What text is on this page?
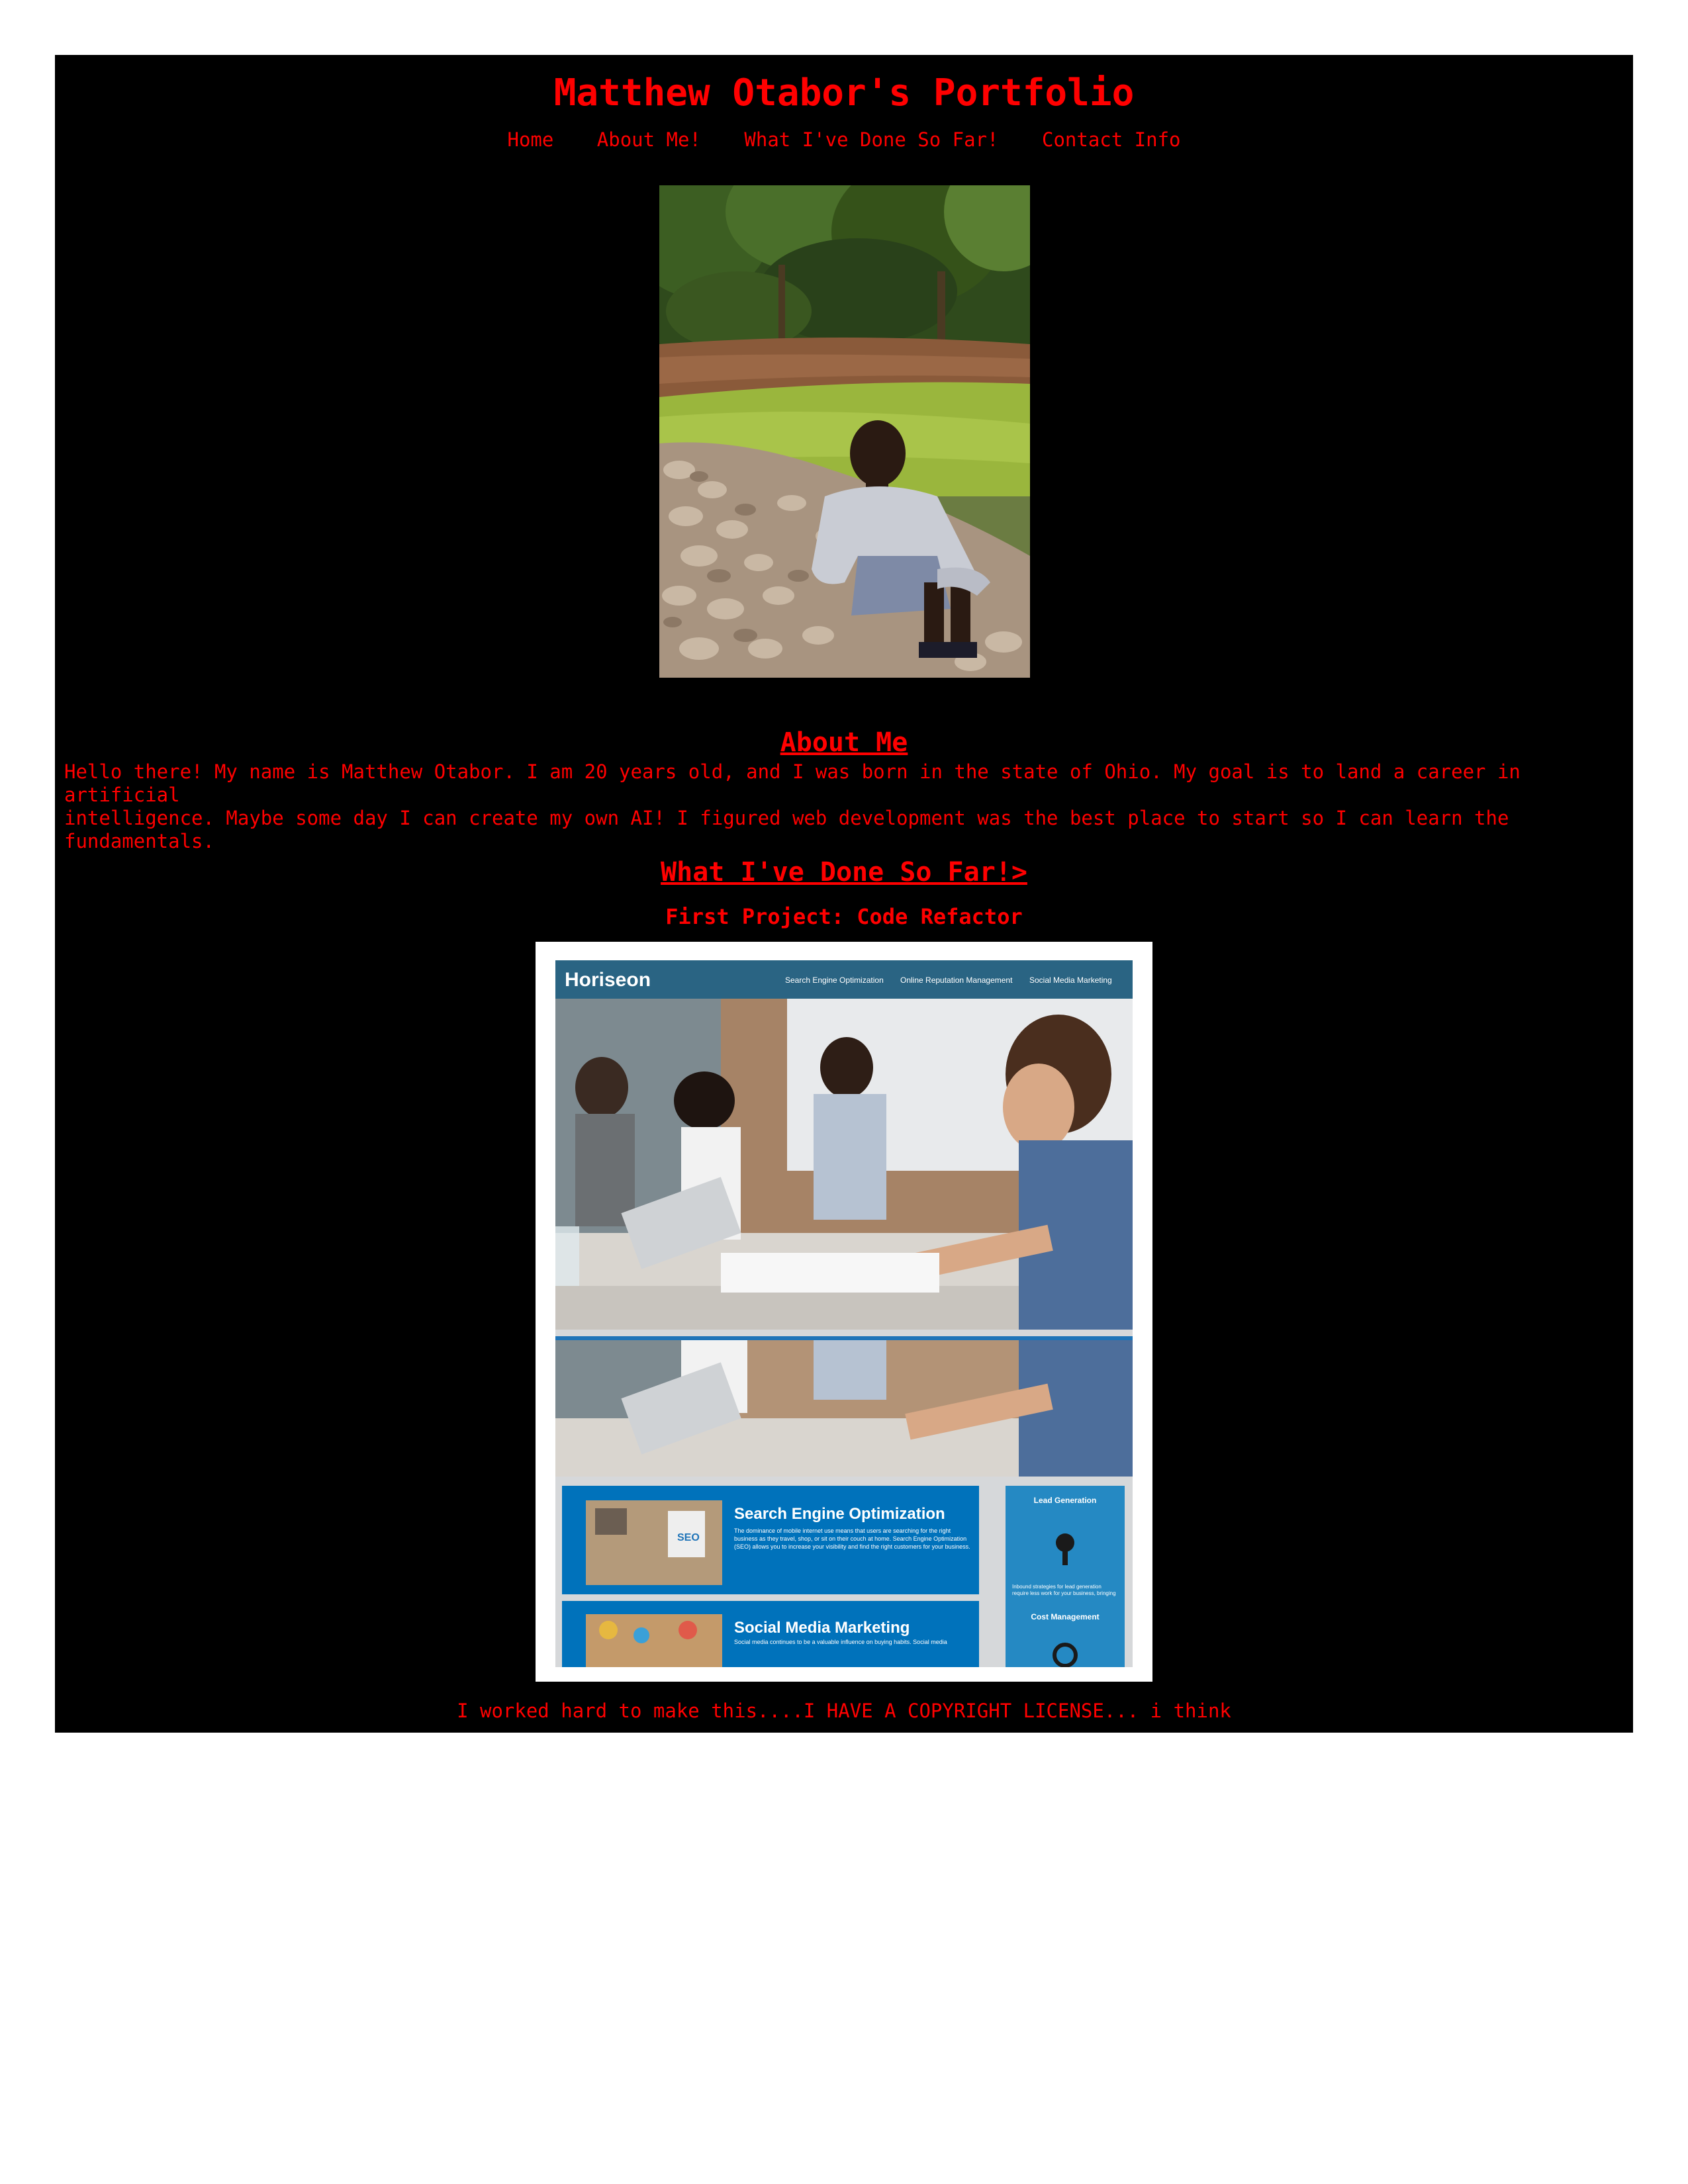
Matthew Otabor's Portfolio
Home About Me! What I've Done So Far! Contact Info
About Me

Hello there! My name is Matthew Otabor. I am 20 years old, and I was born in the state of Ohio. My goal is to land a career in artificial
intelligence. Maybe some day I can create my own AI! I figured web development was the best place to start so I can learn the fundamentals.

What I've Done So Far!>
First Project: Code Refactor
Horiseon	Search Engine Optimization Online Reputation Management Social Media Marketing
SEO
Search Engine Optimization
The dominance of mobile internet use means that users are searching for the right business as they travel, shop, or sit on their couch at home. Search Engine Optimization (SEO) allows you to increase your visibility and find the right customers for your business.
Social Media Marketing
Social media continues to be a valuable influence on buying habits. Social media
Lead Generation
Inbound strategies for lead generation require less work for your business, bringing
Cost Management

I worked hard to make this....I HAVE A COPYRIGHT LICENSE... i think
